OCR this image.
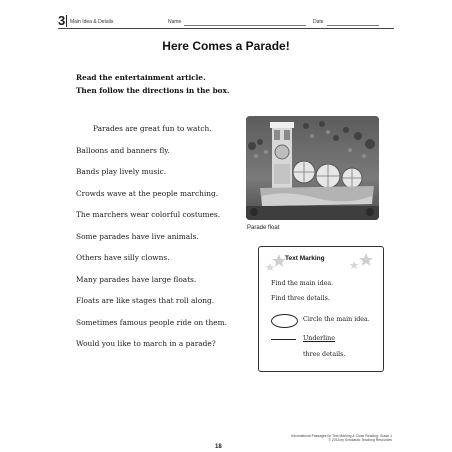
3 Main Idea & Details	Name	Date
Here Comes a Parade!
Read the entertainment article.
Then follow the directions in the box.
Parades are great fun to watch.
Balloons and banners fly.
Bands play lively music.
Crowds wave at the people marching.
The marchers wear colorful costumes.
Some parades have live animals.
Others have silly clowns.
Many parades have large floats.
Floats are like stages that roll along.
Sometimes famous people ride on them.
Would you like to march in a parade?
Parade float
Text Marking
Find the main idea.
Find three details.
Circle the main idea.
Underline
three details.
18
Informational Passages for Text Marking & Close Reading: Grade 1
© 2015 by Scholastic Teaching Resources
